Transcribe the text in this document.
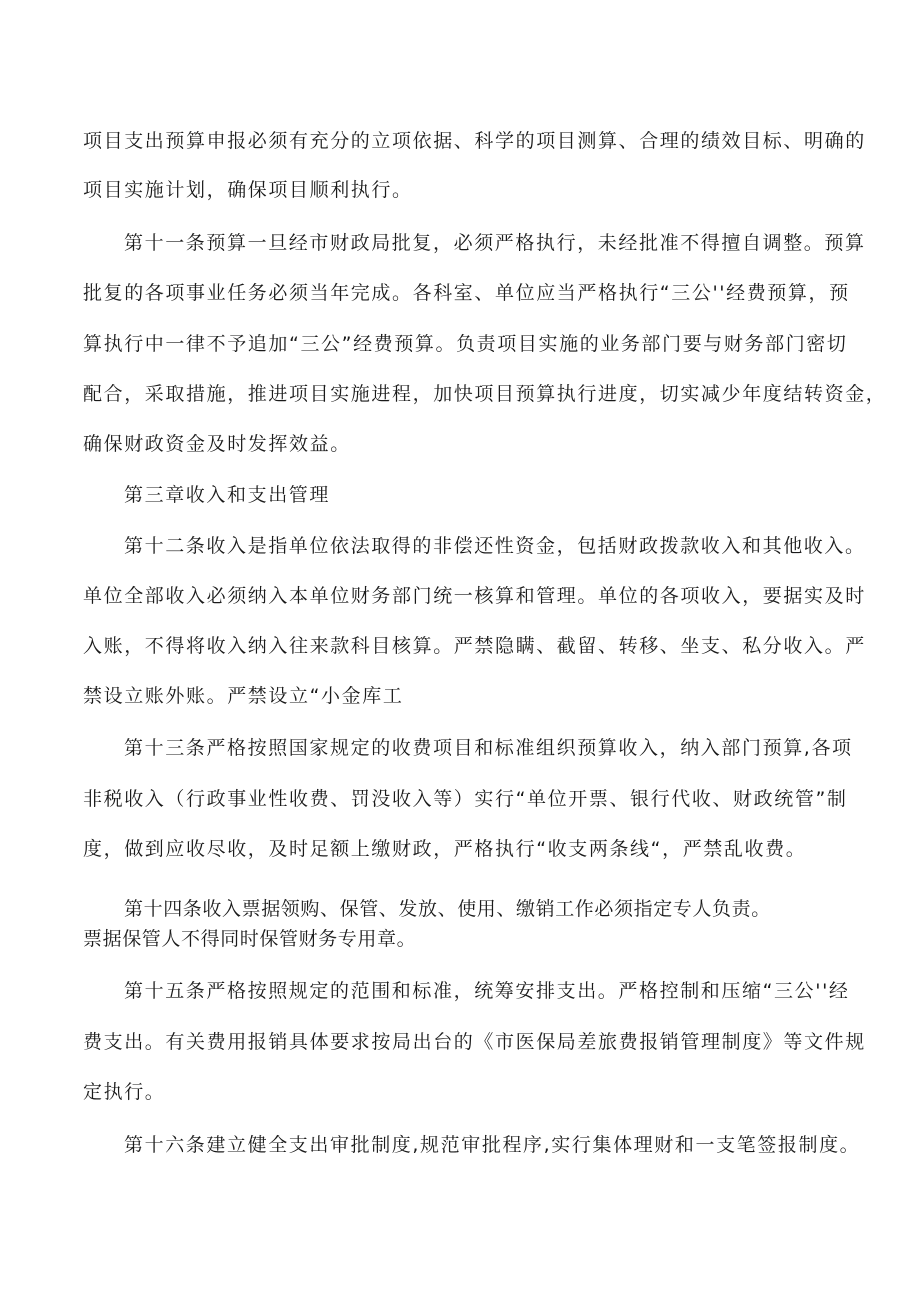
项目支出预算申报必须有充分的立项依据、科学的项目测算、合理的绩效目标、明确的
项目实施计划，确保项目顺利执行。
第十一条预算一旦经市财政局批复，必须严格执行，未经批准不得擅自调整。预算
批复的各项事业任务必须当年完成。各科室、单位应当严格执行“三公''经费预算，预
算执行中一律不予追加“三公”经费预算。负责项目实施的业务部门要与财务部门密切
配合，采取措施，推进项目实施进程，加快项目预算执行进度，切实减少年度结转资金，
确保财政资金及时发挥效益。
第三章收入和支出管理
第十二条收入是指单位依法取得的非偿还性资金，包括财政拨款收入和其他收入。
单位全部收入必须纳入本单位财务部门统一核算和管理。单位的各项收入，要据实及时
入账，不得将收入纳入往来款科目核算。严禁隐瞒、截留、转移、坐支、私分收入。严
禁设立账外账。严禁设立“小金库工
第十三条严格按照国家规定的收费项目和标准组织预算收入，纳入部门预算,各项
非税收入（行政事业性收费、罚没收入等）实行“单位开票、银行代收、财政统管”制
度，做到应收尽收，及时足额上缴财政，严格执行“收支两条线“，严禁乱收费。
第十四条收入票据领购、保管、发放、使用、缴销工作必须指定专人负责。
票据保管人不得同时保管财务专用章。
第十五条严格按照规定的范围和标准，统筹安排支出。严格控制和压缩“三公''经
费支出。有关费用报销具体要求按局出台的《市医保局差旅费报销管理制度》等文件规
定执行。
第十六条建立健全支出审批制度,规范审批程序,实行集体理财和一支笔签报制度。
